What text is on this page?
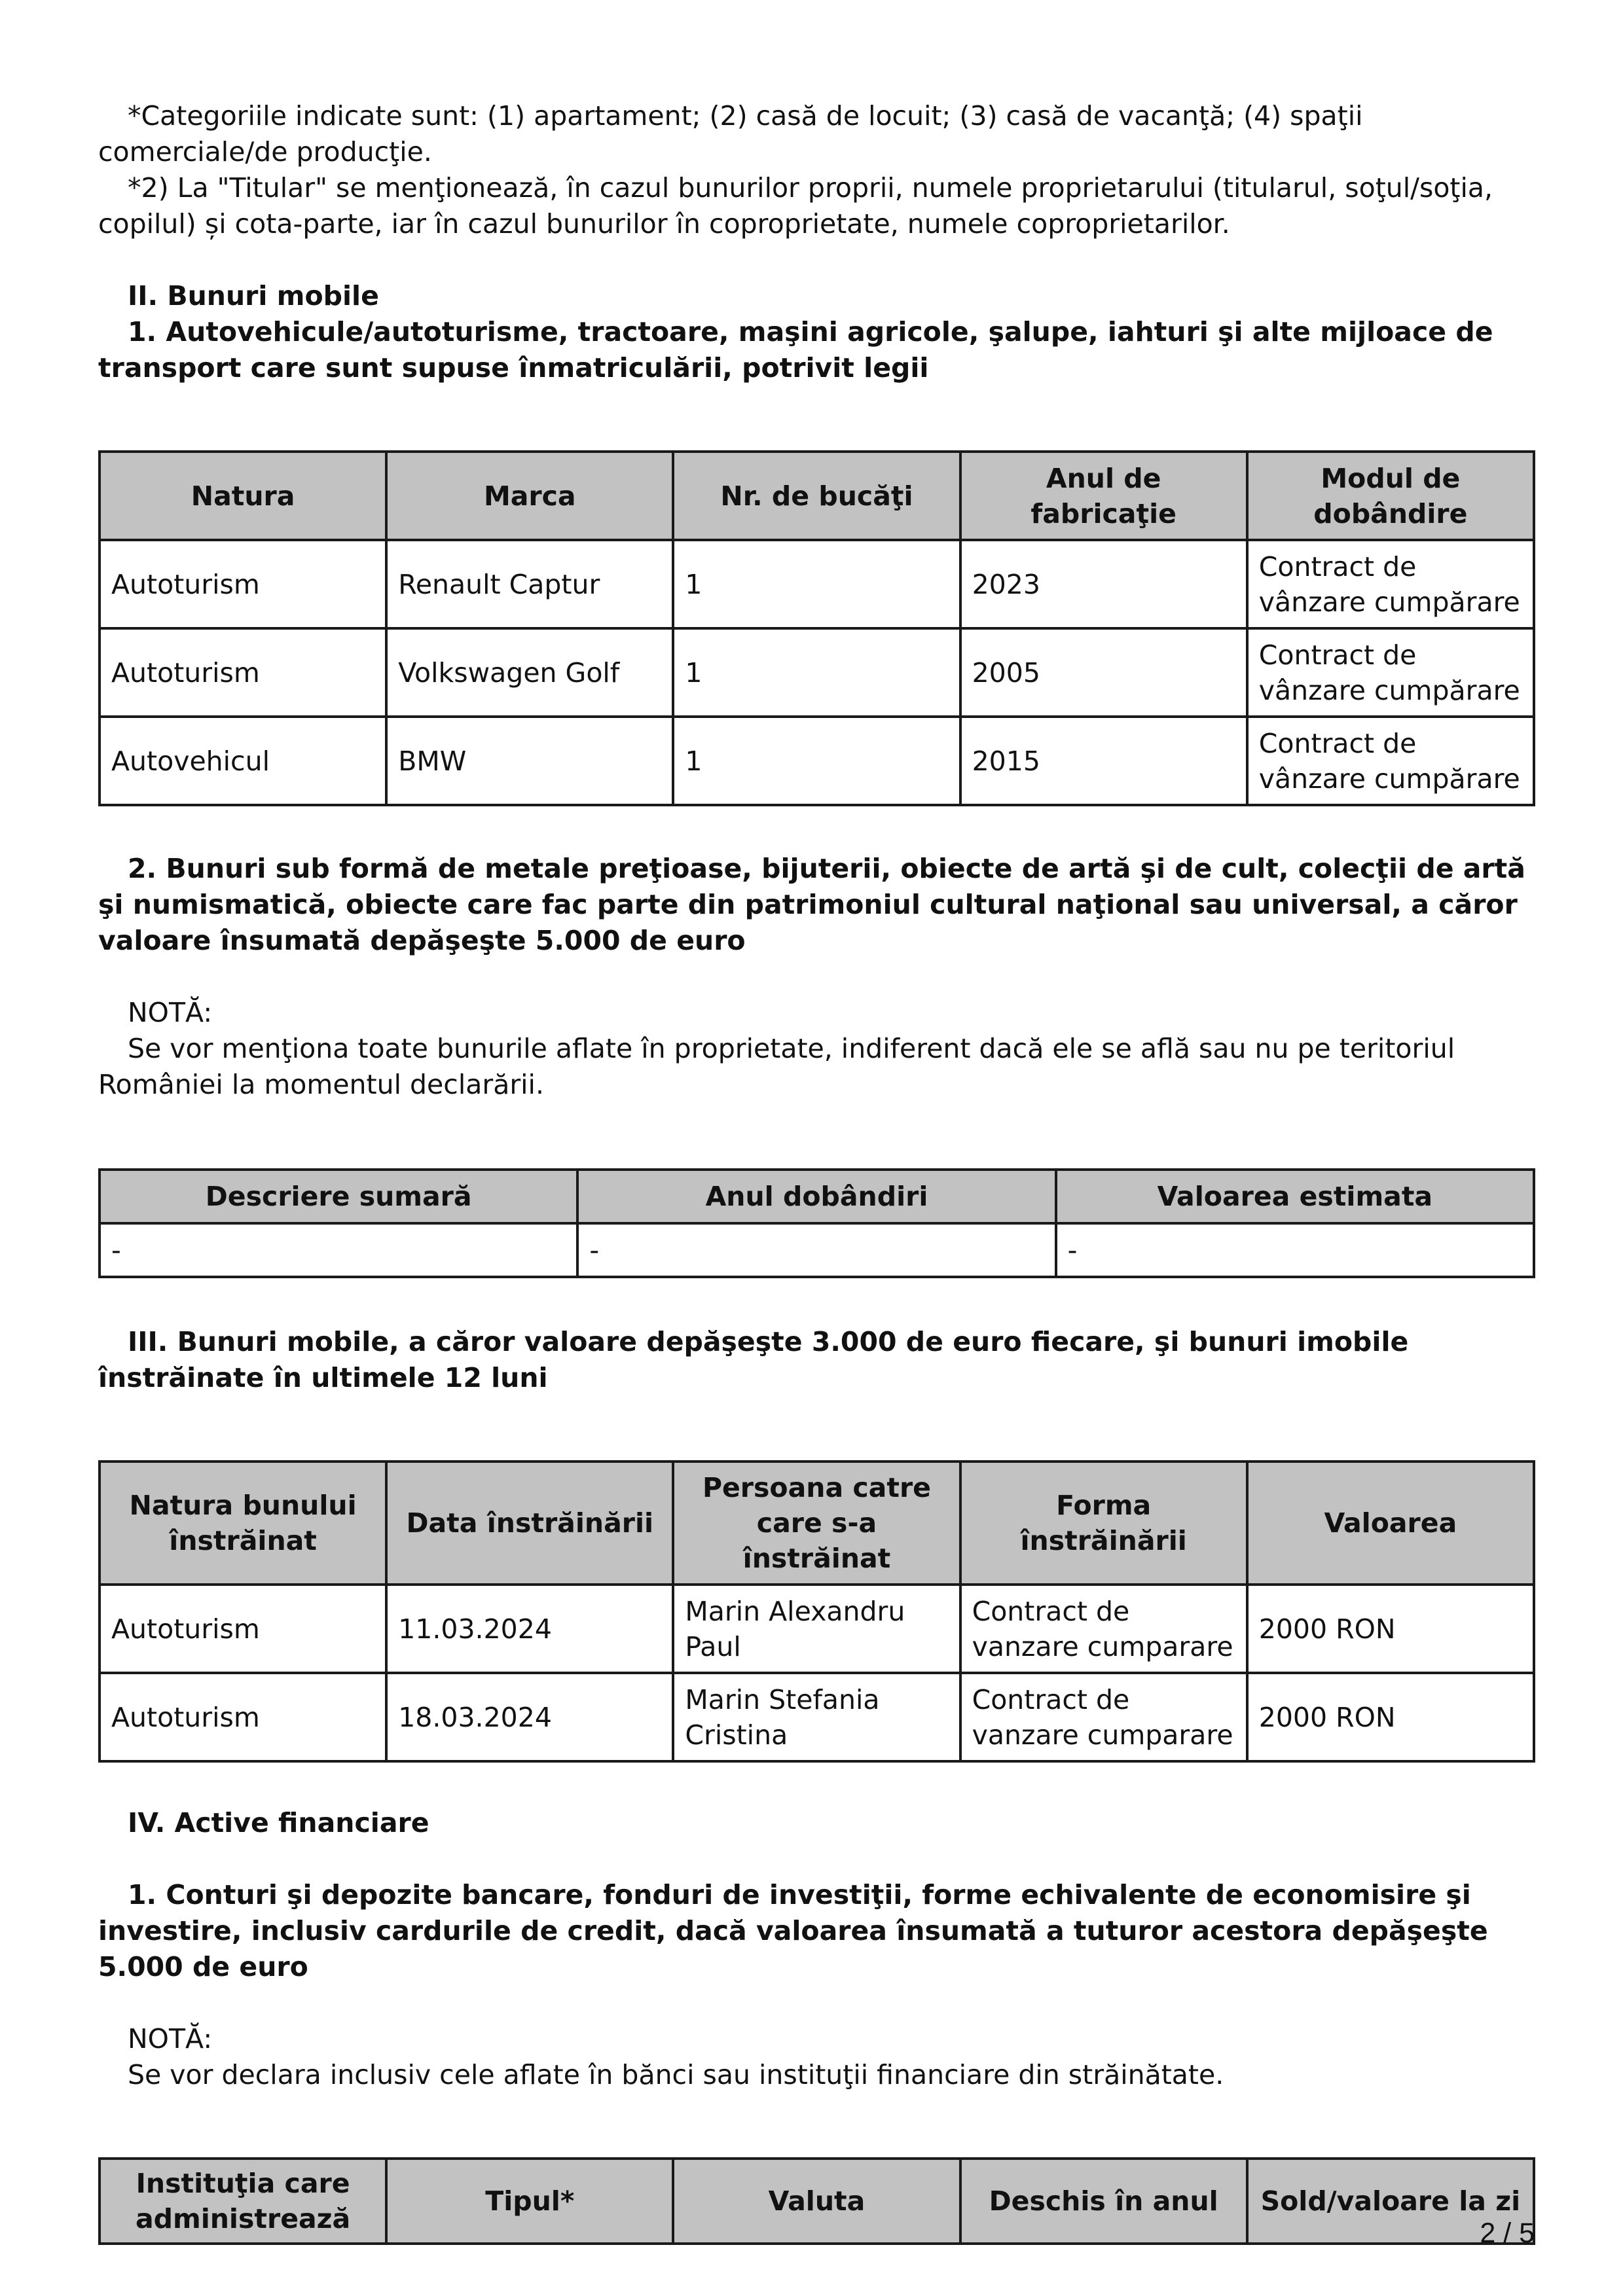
*Categoriile indicate sunt: (1) apartament; (2) casă de locuit; (3) casă de vacanţă; (4) spaţii comerciale/de producţie.

*2) La "Titular" se menţionează, în cazul bunurilor proprii, numele proprietarului (titularul, soţul/soţia, copilul) și cota-parte, iar în cazul bunurilor în coproprietate, numele coproprietarilor.

II. Bunuri mobile

1. Autovehicule/autoturisme, tractoare, maşini agricole, şalupe, iahturi şi alte mijloace de transport care sunt supuse înmatriculării, potrivit legii

Natura	Marca	Nr. de bucăţi	Anul de fabricaţie	Modul de dobândire
Autoturism	Renault Captur	1	2023	Contract de vânzare cumpărare
Autoturism	Volkswagen Golf	1	2005	Contract de vânzare cumpărare
Autovehicul	BMW	1	2015	Contract de vânzare cumpărare

2. Bunuri sub formă de metale preţioase, bijuterii, obiecte de artă şi de cult, colecţii de artă şi numismatică, obiecte care fac parte din patrimoniul cultural naţional sau universal, a căror valoare însumată depăşeşte 5.000 de euro

NOTĂ:

Se vor menţiona toate bunurile aflate în proprietate, indiferent dacă ele se află sau nu pe teritoriul României la momentul declarării.

Descriere sumară	Anul dobândiri	Valoarea estimata
-	-	-

III. Bunuri mobile, a căror valoare depăşeşte 3.000 de euro fiecare, şi bunuri imobile înstrăinate în ultimele 12 luni

Natura bunului înstrăinat	Data înstrăinării	Persoana catre care s-a înstrăinat	Forma înstrăinării	Valoarea
Autoturism	11.03.2024	Marin Alexandru Paul	Contract de vanzare cumparare	2000 RON
Autoturism	18.03.2024	Marin Stefania Cristina	Contract de vanzare cumparare	2000 RON

IV. Active financiare

1. Conturi şi depozite bancare, fonduri de investiţii, forme echivalente de economisire şi investire, inclusiv cardurile de credit, dacă valoarea însumată a tuturor acestora depăşeşte 5.000 de euro

NOTĂ:

Se vor declara inclusiv cele aflate în bănci sau instituţii financiare din străinătate.

Instituţia care administrează	Tipul*	Valuta	Deschis în anul	Sold/valoare la zi
2 / 5
